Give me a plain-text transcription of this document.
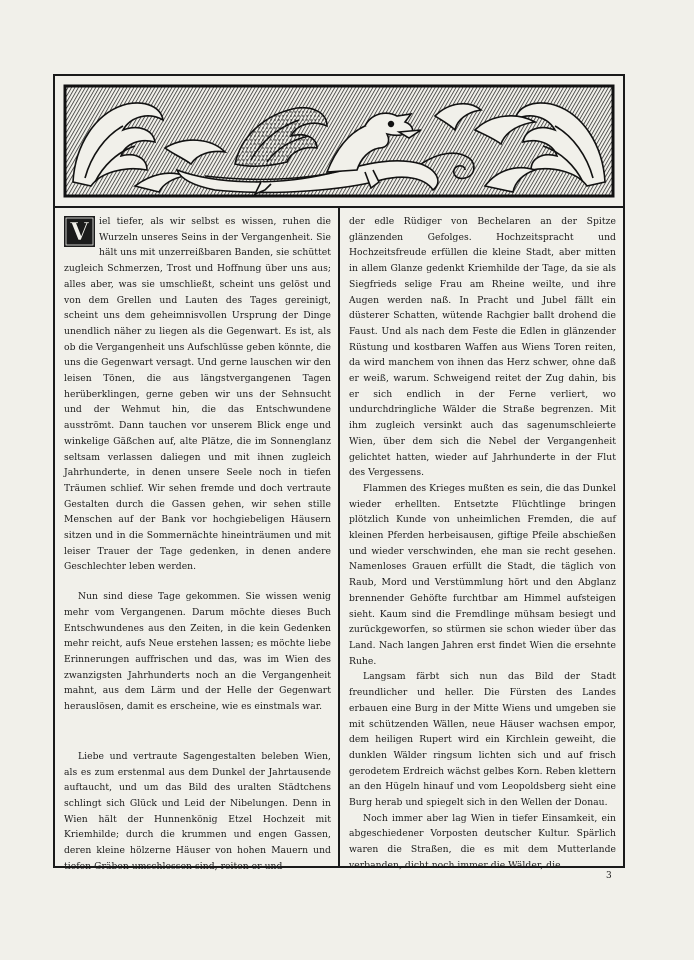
V	iel tiefer, als wir selbst es wissen, ruhen die Wurzeln unseres Seins in der Vergangenheit. Sie hält uns mit unzerreißbaren Banden, sie schüttet zugleich Schmerzen, Trost und Hoffnung über uns aus; alles aber, was sie umschließt, scheint uns gelöst und von dem Grellen und Lauten des Tages gereinigt, scheint uns dem geheimnisvollen Ursprung der Dinge unendlich näher zu liegen als die Gegenwart. Es ist, als ob die Vergangenheit uns Aufschlüsse geben könnte, die uns die Gegenwart versagt. Und gerne lauschen wir den leisen Tönen, die aus längstvergangenen Tagen herüberklingen, gerne geben wir uns der Sehnsucht und der Wehmut hin, die das Entschwundene ausströmt. Dann tauchen vor unserem Blick enge und winkelige Gäßchen auf, alte Plätze, die im Sonnenglanz seltsam verlassen daliegen und mit ihnen zugleich Jahrhunderte, in denen unsere Seele noch in tiefen Träumen schlief. Wir sehen fremde und doch vertraute Gestalten durch die Gassen gehen, wir sehen stille Menschen auf der Bank vor hochgiebeligen Häusern sitzen und in die Sommernächte hineinträumen und mit leiser Trauer der Tage gedenken, in denen andere Geschlechter leben werden.

Nun sind diese Tage gekommen. Sie wissen wenig mehr vom Vergangenen. Darum möchte dieses Buch Entschwundenes aus den Zeiten, in die kein Gedenken mehr reicht, aufs Neue erstehen lassen; es möchte liebe Erinnerungen auffrischen und das, was im Wien des zwanzigsten Jahrhunderts noch an die Vergangenheit mahnt, aus dem Lärm und der Helle der Gegenwart herauslösen, damit es erscheine, wie es einstmals war.

Liebe und vertraute Sagengestalten beleben Wien, als es zum erstenmal aus dem Dunkel der Jahrtausende auftaucht, und um das Bild des uralten Städtchens schlingt sich Glück und Leid der Nibelungen. Denn in Wien hält der Hunnenkönig Etzel Hochzeit mit Kriemhilde; durch die krummen und engen Gassen, deren kleine hölzerne Häuser von hohen Mauern und tiefen Gräben umschlossen sind, reiten er und

der edle Rüdiger von Bechelaren an der Spitze glänzenden Gefolges. Hochzeitspracht und Hochzeitsfreude erfüllen die kleine Stadt, aber mitten in allem Glanze gedenkt Kriemhilde der Tage, da sie als Siegfrieds selige Frau am Rheine weilte, und ihre Augen werden naß. In Pracht und Jubel fällt ein düsterer Schatten, wütende Rachgier ballt drohend die Faust. Und als nach dem Feste die Edlen in glänzender Rüstung und kostbaren Waffen aus Wiens Toren reiten, da wird manchem von ihnen das Herz schwer, ohne daß er weiß, warum. Schweigend reitet der Zug dahin, bis er sich endlich in der Ferne verliert, wo undurchdringliche Wälder die Straße begrenzen. Mit ihm zugleich versinkt auch das sagenumschleierte Wien, über dem sich die Nebel der Vergangenheit gelichtet hatten, wieder auf Jahrhunderte in der Flut des Vergessens.

Flammen des Krieges mußten es sein, die das Dunkel wieder erhellten. Entsetzte Flüchtlinge bringen plötzlich Kunde von unheimlichen Fremden, die auf kleinen Pferden herbeisausen, giftige Pfeile abschießen und wieder verschwinden, ehe man sie recht gesehen. Namenloses Grauen erfüllt die Stadt, die täglich von Raub, Mord und Verstümmlung hört und den Abglanz brennender Gehöfte furchtbar am Himmel aufsteigen sieht. Kaum sind die Fremdlinge mühsam besiegt und zurückgeworfen, so stürmen sie schon wieder über das Land. Nach langen Jahren erst findet Wien die ersehnte Ruhe.

Langsam färbt sich nun das Bild der Stadt freundlicher und heller. Die Fürsten des Landes erbauen eine Burg in der Mitte Wiens und umgeben sie mit schützenden Wällen, neue Häuser wachsen empor, dem heiligen Rupert wird ein Kirchlein geweiht, die dunklen Wälder ringsum lichten sich und auf frisch gerodetem Erdreich wächst gelbes Korn. Reben klettern an den Hügeln hinauf und vom Leopoldsberg sieht eine Burg herab und spiegelt sich in den Wellen der Donau.

Noch immer aber lag Wien in tiefer Einsamkeit, ein abgeschiedener Vorposten deutscher Kultur. Spärlich waren die Straßen, die es mit dem Mutterlande verbanden, dicht noch immer die Wälder, die

3
